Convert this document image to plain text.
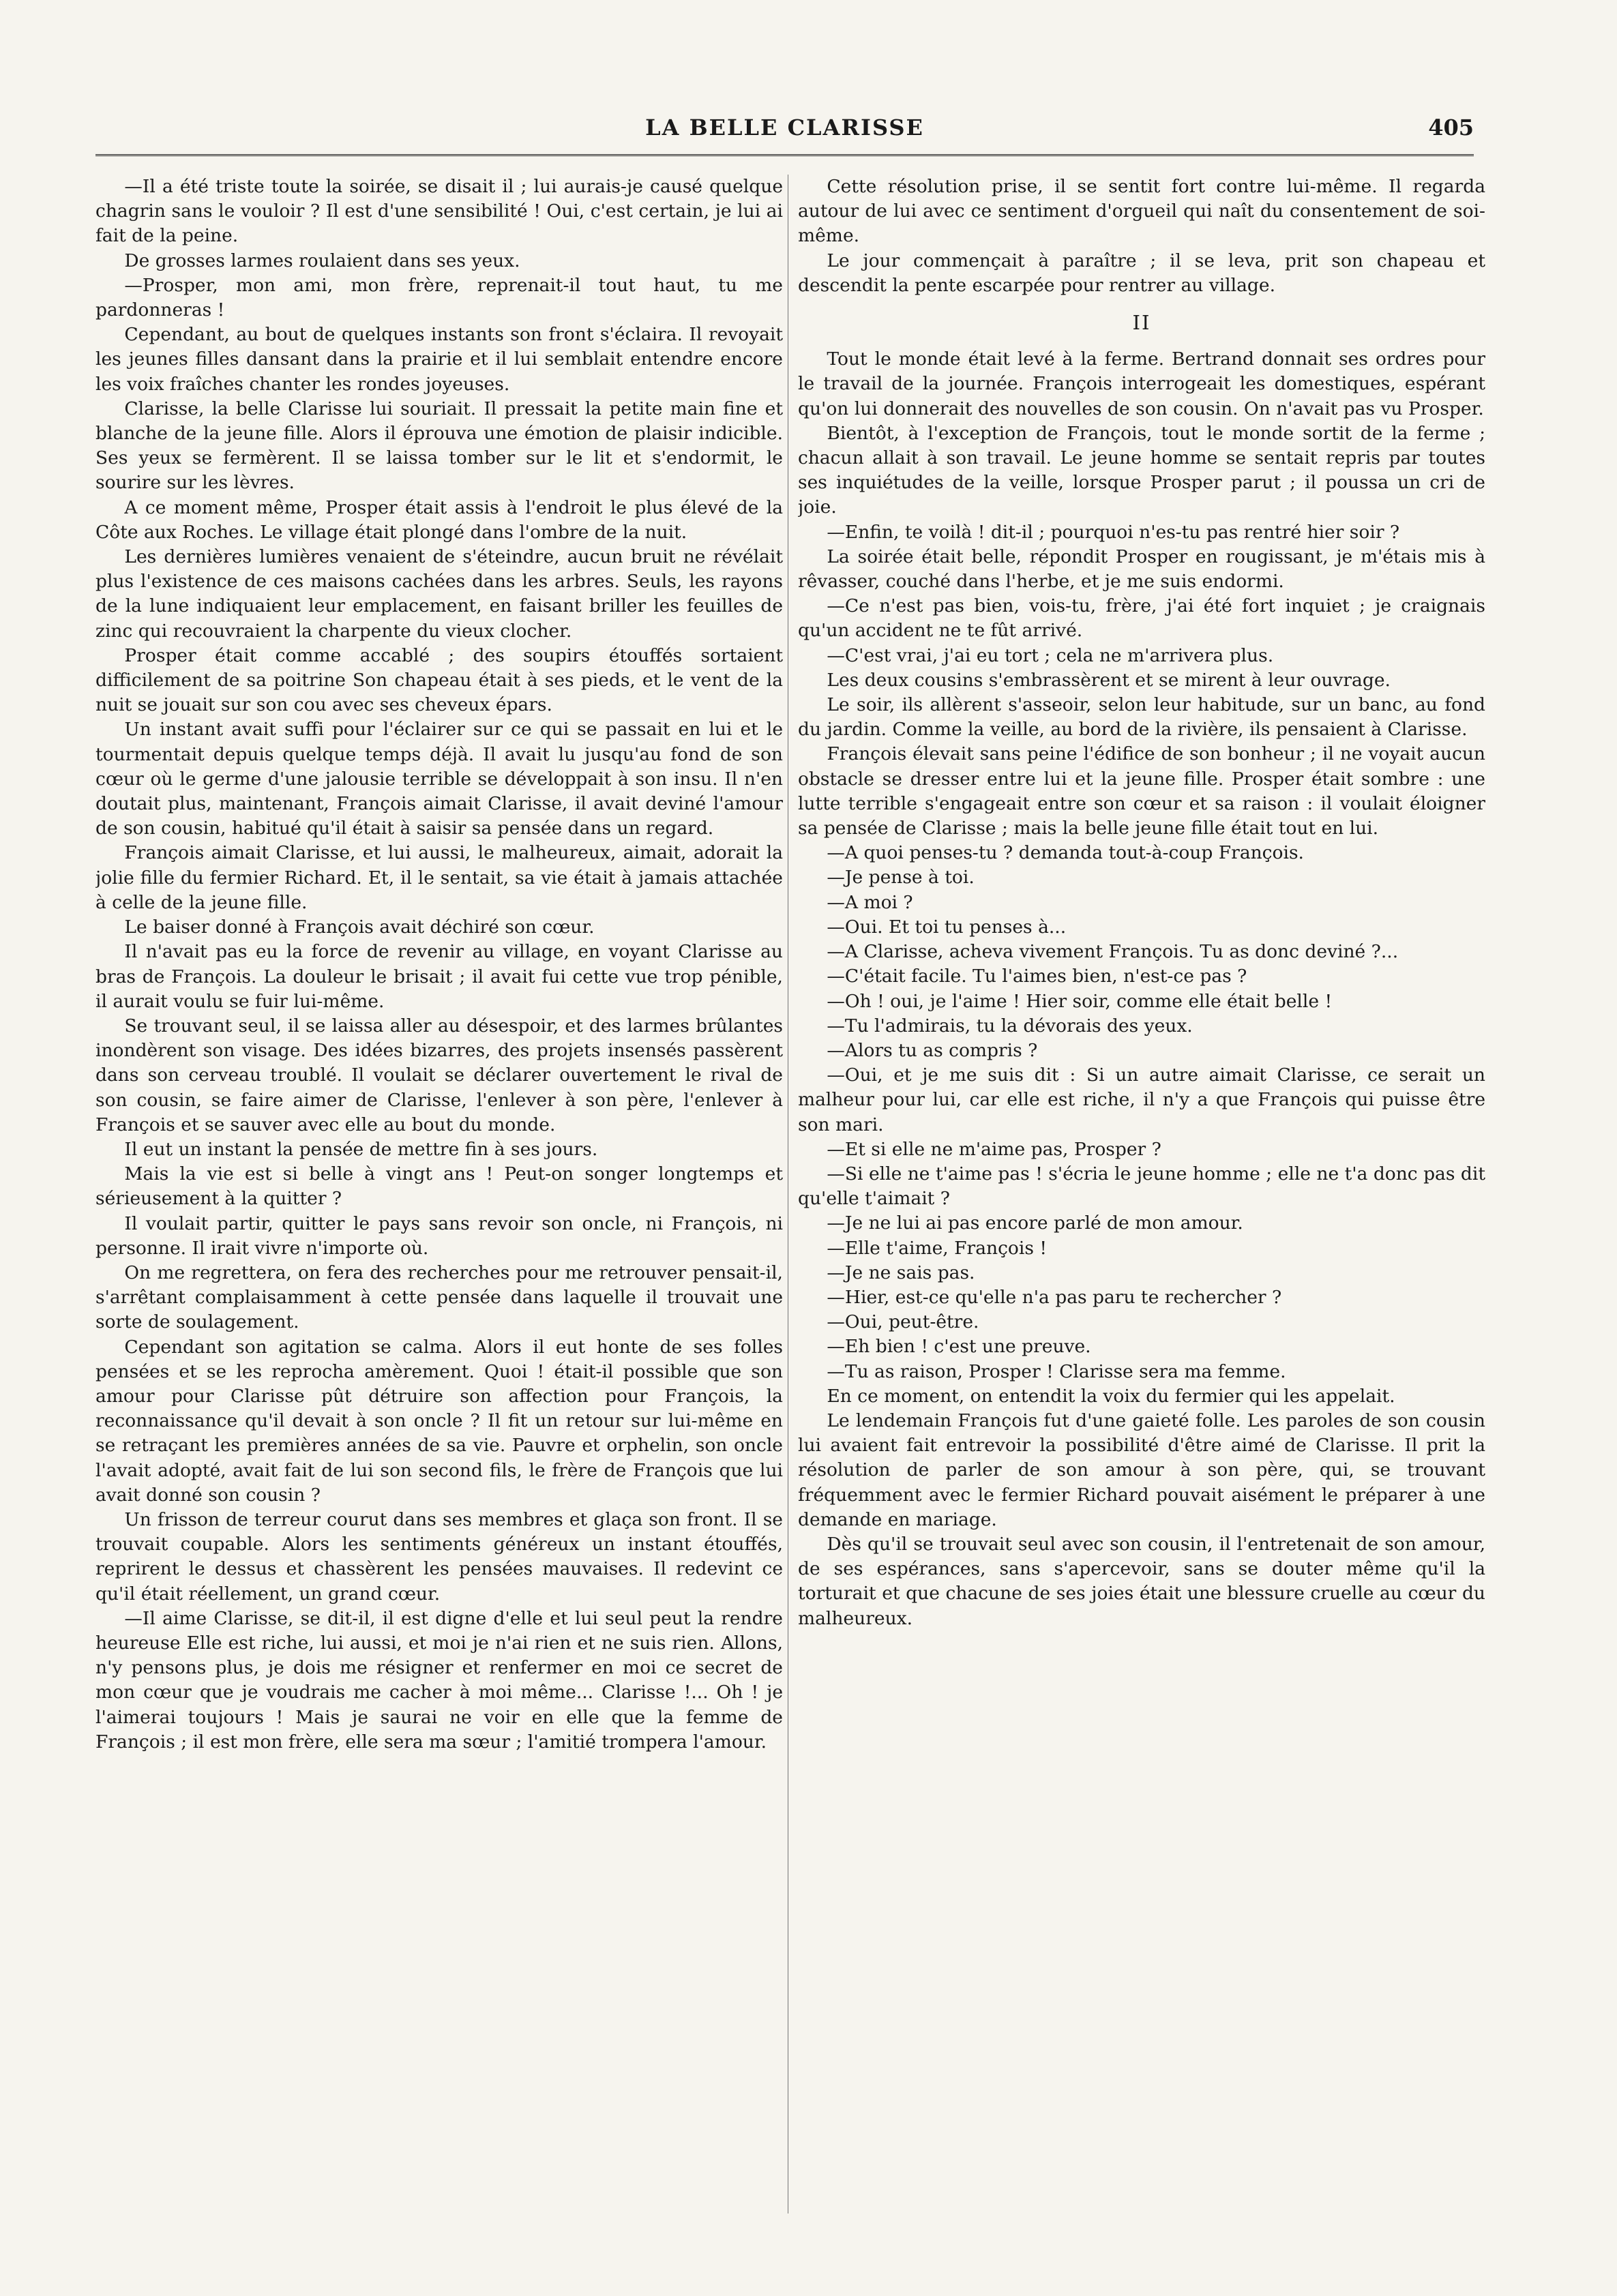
LA BELLE CLARISSE	405

—Il a été triste toute la soirée, se disait il ; lui aurais-je causé quelque chagrin sans le vouloir ? Il est d'une sensibilité ! Oui, c'est certain, je lui ai fait de la peine.

De grosses larmes roulaient dans ses yeux.

—Prosper, mon ami, mon frère, reprenait-il tout haut, tu me pardonneras !

Cependant, au bout de quelques instants son front s'éclaira. Il revoyait les jeunes filles dansant dans la prairie et il lui semblait entendre encore les voix fraîches chanter les rondes joyeuses.

Clarisse, la belle Clarisse lui souriait. Il pressait la petite main fine et blanche de la jeune fille. Alors il éprouva une émotion de plaisir indicible. Ses yeux se fermèrent. Il se laissa tomber sur le lit et s'endormit, le sourire sur les lèvres.

A ce moment même, Prosper était assis à l'endroit le plus élevé de la Côte aux Roches. Le village était plongé dans l'ombre de la nuit.

Les dernières lumières venaient de s'éteindre, aucun bruit ne révélait plus l'existence de ces maisons cachées dans les arbres. Seuls, les rayons de la lune indiquaient leur emplacement, en faisant briller les feuilles de zinc qui recouvraient la charpente du vieux clocher.

Prosper était comme accablé ; des soupirs étouffés sortaient difficilement de sa poitrine Son chapeau était à ses pieds, et le vent de la nuit se jouait sur son cou avec ses cheveux épars.

Un instant avait suffi pour l'éclairer sur ce qui se passait en lui et le tourmentait depuis quelque temps déjà. Il avait lu jusqu'au fond de son cœur où le germe d'une jalousie terrible se développait à son insu. Il n'en doutait plus, maintenant, François aimait Clarisse, il avait deviné l'amour de son cousin, habitué qu'il était à saisir sa pensée dans un regard.

François aimait Clarisse, et lui aussi, le malheureux, aimait, adorait la jolie fille du fermier Richard. Et, il le sentait, sa vie était à jamais attachée à celle de la jeune fille.

Le baiser donné à François avait déchiré son cœur.

Il n'avait pas eu la force de revenir au village, en voyant Clarisse au bras de François. La douleur le brisait ; il avait fui cette vue trop pénible, il aurait voulu se fuir lui-même.

Se trouvant seul, il se laissa aller au désespoir, et des larmes brûlantes inondèrent son visage. Des idées bizarres, des projets insensés passèrent dans son cerveau troublé. Il voulait se déclarer ouvertement le rival de son cousin, se faire aimer de Clarisse, l'enlever à son père, l'enlever à François et se sauver avec elle au bout du monde.

Il eut un instant la pensée de mettre fin à ses jours.

Mais la vie est si belle à vingt ans ! Peut-on songer longtemps et sérieusement à la quitter ?

Il voulait partir, quitter le pays sans revoir son oncle, ni François, ni personne. Il irait vivre n'importe où.

On me regrettera, on fera des recherches pour me retrouver pensait-il, s'arrêtant complaisamment à cette pensée dans laquelle il trouvait une sorte de soulagement.

Cependant son agitation se calma. Alors il eut honte de ses folles pensées et se les reprocha amèrement. Quoi ! était-il possible que son amour pour Clarisse pût détruire son affection pour François, la reconnaissance qu'il devait à son oncle ? Il fit un retour sur lui-même en se retraçant les premières années de sa vie. Pauvre et orphelin, son oncle l'avait adopté, avait fait de lui son second fils, le frère de François que lui avait donné son cousin ?

Un frisson de terreur courut dans ses membres et glaça son front. Il se trouvait coupable. Alors les sentiments généreux un instant étouffés, reprirent le dessus et chassèrent les pensées mauvaises. Il redevint ce qu'il était réellement, un grand cœur.

—Il aime Clarisse, se dit-il, il est digne d'elle et lui seul peut la rendre heureuse Elle est riche, lui aussi, et moi je n'ai rien et ne suis rien. Allons, n'y pensons plus, je dois me résigner et renfermer en moi ce secret de mon cœur que je voudrais me cacher à moi même... Clarisse !... Oh ! je l'aimerai toujours ! Mais je saurai ne voir en elle que la femme de François ; il est mon frère, elle sera ma sœur ; l'amitié trompera l'amour.

Cette résolution prise, il se sentit fort contre lui-même. Il regarda autour de lui avec ce sentiment d'orgueil qui naît du consentement de soi-même.

Le jour commençait à paraître ; il se leva, prit son chapeau et descendit la pente escarpée pour rentrer au village.

II

Tout le monde était levé à la ferme. Bertrand donnait ses ordres pour le travail de la journée. François interrogeait les domestiques, espérant qu'on lui donnerait des nouvelles de son cousin. On n'avait pas vu Prosper.

Bientôt, à l'exception de François, tout le monde sortit de la ferme ; chacun allait à son travail. Le jeune homme se sentait repris par toutes ses inquiétudes de la veille, lorsque Prosper parut ; il poussa un cri de joie.

—Enfin, te voilà ! dit-il ; pourquoi n'es-tu pas rentré hier soir ?

La soirée était belle, répondit Prosper en rougissant, je m'étais mis à rêvasser, couché dans l'herbe, et je me suis endormi.

—Ce n'est pas bien, vois-tu, frère, j'ai été fort inquiet ; je craignais qu'un accident ne te fût arrivé.

—C'est vrai, j'ai eu tort ; cela ne m'arrivera plus.

Les deux cousins s'embrassèrent et se mirent à leur ouvrage.

Le soir, ils allèrent s'asseoir, selon leur habitude, sur un banc, au fond du jardin. Comme la veille, au bord de la rivière, ils pensaient à Clarisse.

François élevait sans peine l'édifice de son bonheur ; il ne voyait aucun obstacle se dresser entre lui et la jeune fille. Prosper était sombre : une lutte terrible s'engageait entre son cœur et sa raison : il voulait éloigner sa pensée de Clarisse ; mais la belle jeune fille était tout en lui.

—A quoi penses-tu ? demanda tout-à-coup François.

—Je pense à toi.

—A moi ?

—Oui. Et toi tu penses à...

—A Clarisse, acheva vivement François. Tu as donc deviné ?...

—C'était facile. Tu l'aimes bien, n'est-ce pas ?

—Oh ! oui, je l'aime ! Hier soir, comme elle était belle !

—Tu l'admirais, tu la dévorais des yeux.

—Alors tu as compris ?

—Oui, et je me suis dit : Si un autre aimait Clarisse, ce serait un malheur pour lui, car elle est riche, il n'y a que François qui puisse être son mari.

—Et si elle ne m'aime pas, Prosper ?

—Si elle ne t'aime pas ! s'écria le jeune homme ; elle ne t'a donc pas dit qu'elle t'aimait ?

—Je ne lui ai pas encore parlé de mon amour.

—Elle t'aime, François !

—Je ne sais pas.

—Hier, est-ce qu'elle n'a pas paru te rechercher ?

—Oui, peut-être.

—Eh bien ! c'est une preuve.

—Tu as raison, Prosper ! Clarisse sera ma femme.

En ce moment, on entendit la voix du fermier qui les appelait.

Le lendemain François fut d'une gaieté folle. Les paroles de son cousin lui avaient fait entrevoir la possibilité d'être aimé de Clarisse. Il prit la résolution de parler de son amour à son père, qui, se trouvant fréquemment avec le fermier Richard pouvait aisément le préparer à une demande en mariage.

Dès qu'il se trouvait seul avec son cousin, il l'entretenait de son amour, de ses espérances, sans s'apercevoir, sans se douter même qu'il la torturait et que chacune de ses joies était une blessure cruelle au cœur du malheureux.
